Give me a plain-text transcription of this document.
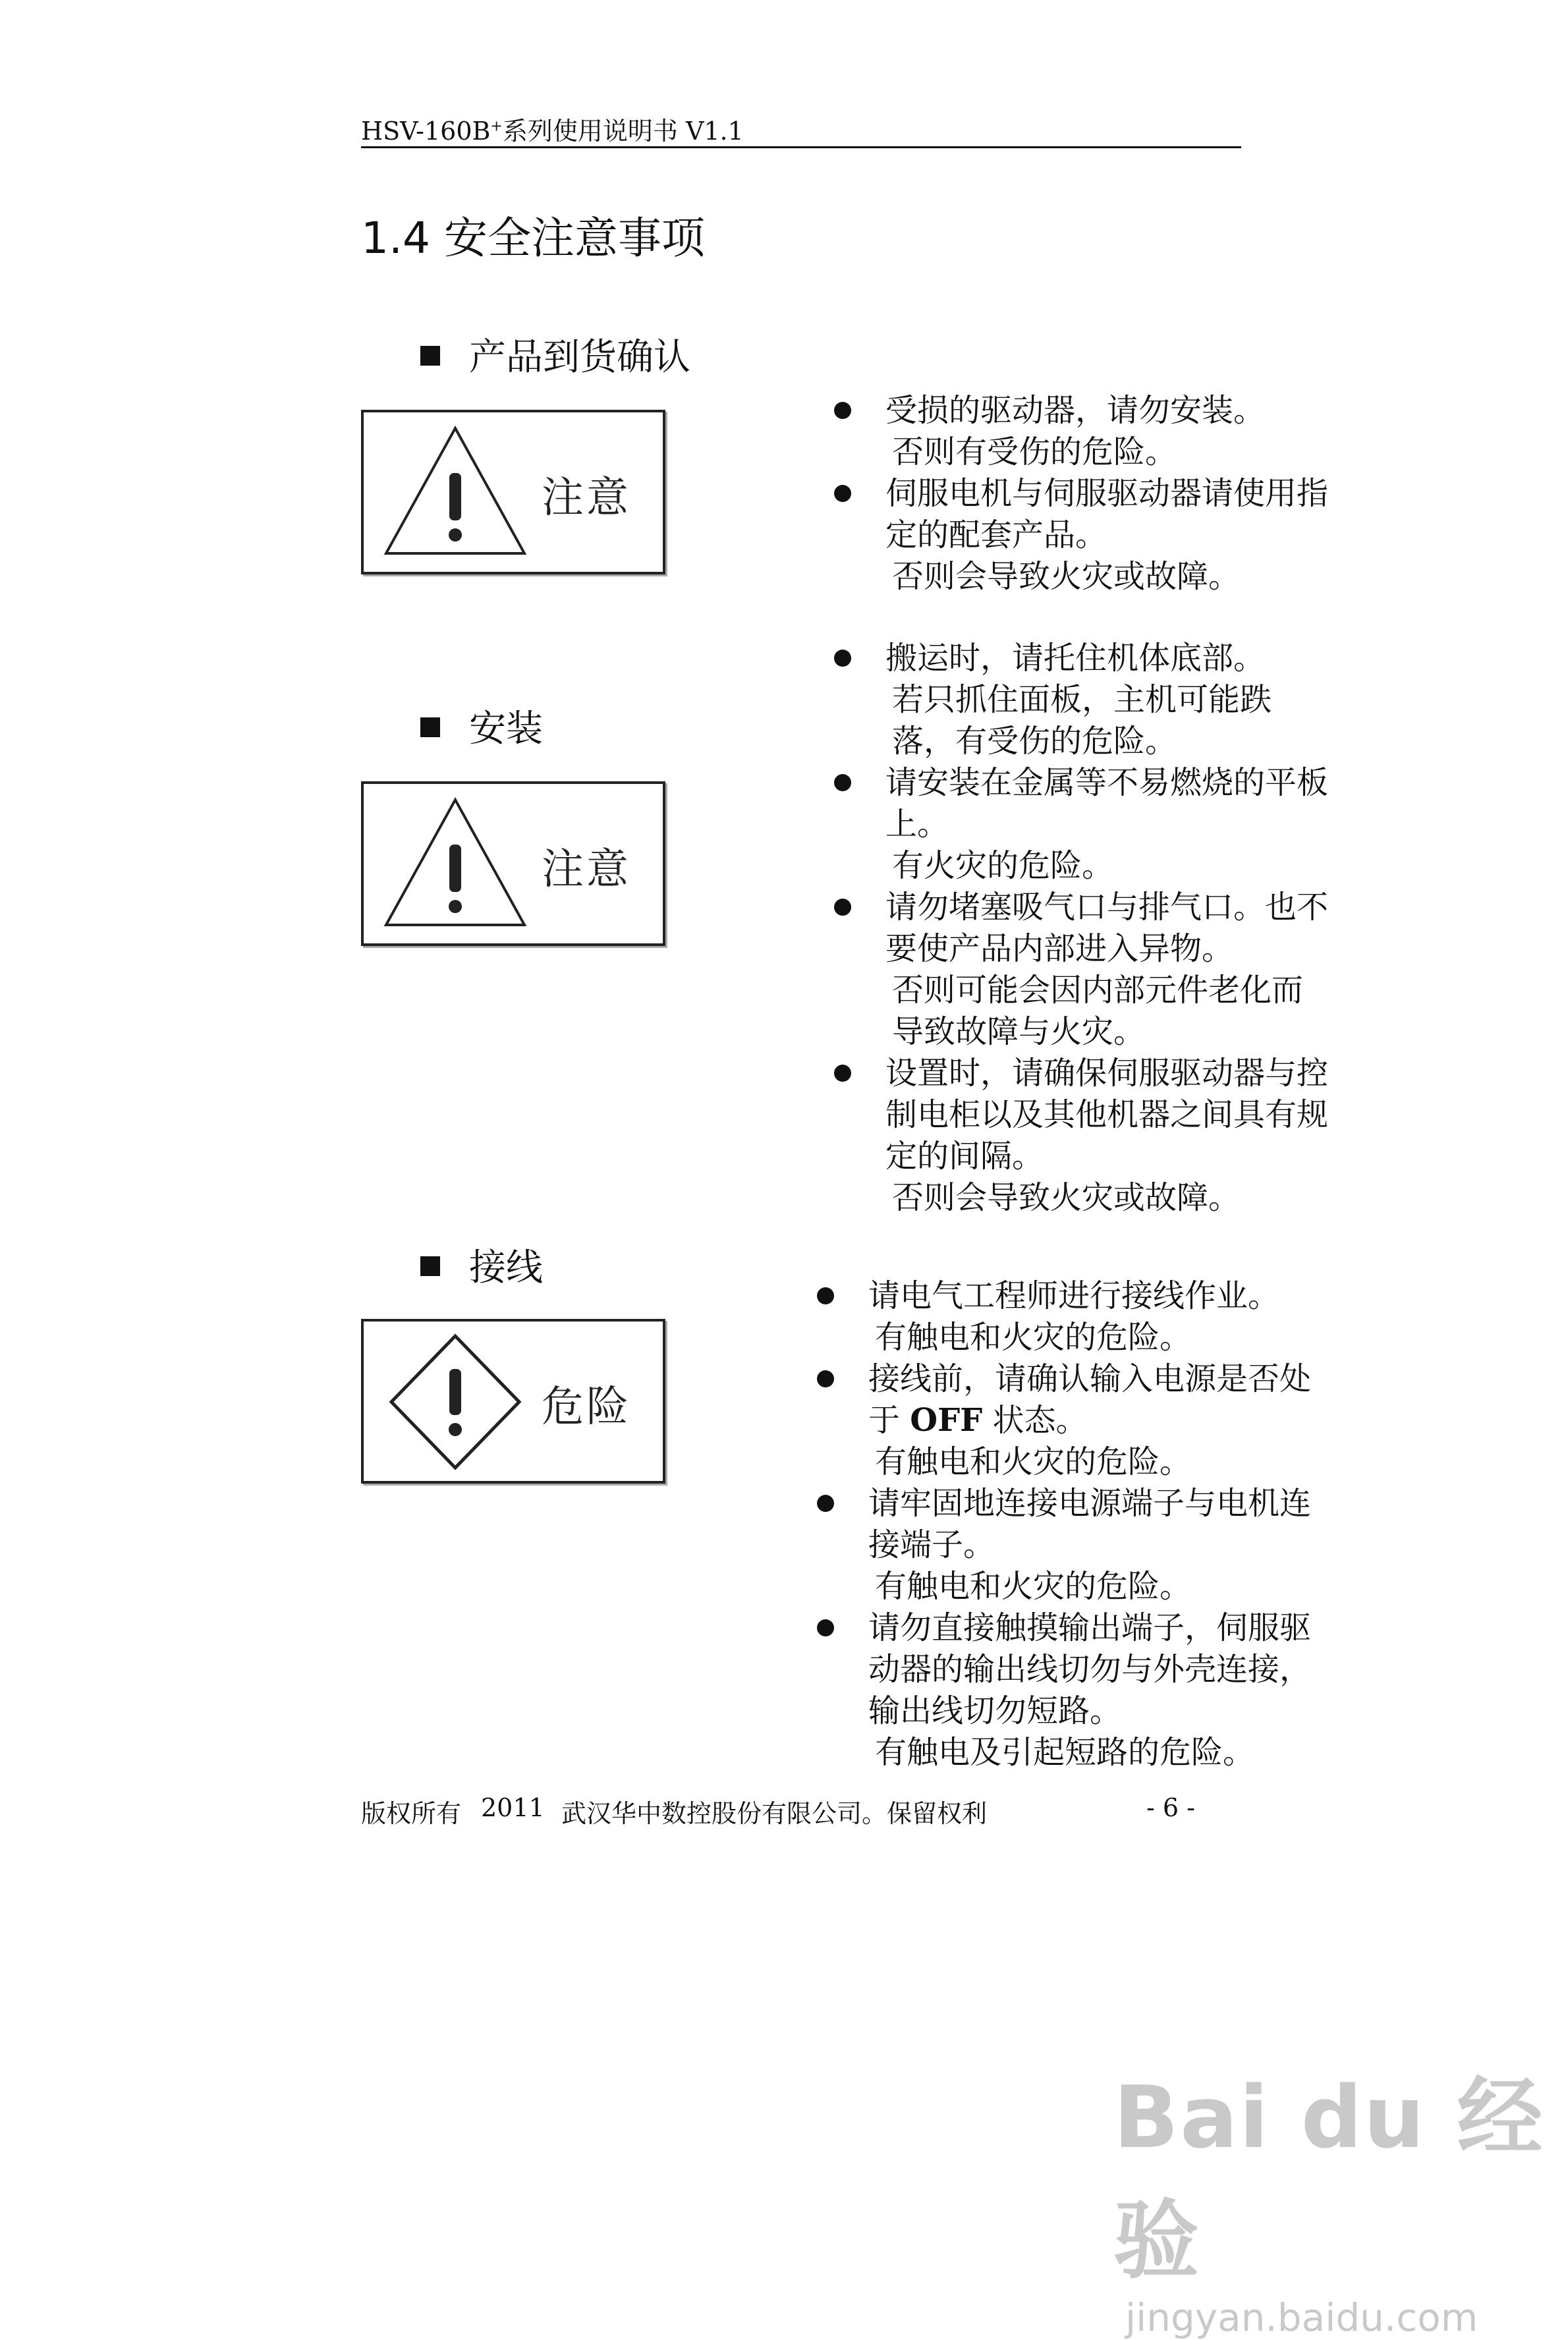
HSV-160B+系列使用说明书 V1.1
1.4 安全注意事项
产品到货确认
注意
受损的驱动器，请勿安装。
否则有受伤的危险。
伺服电机与伺服驱动器请使用指定的配套产品。
否则会导致火灾或故障。
安装
注意
搬运时，请托住机体底部。
若只抓住面板，主机可能跌落，有受伤的危险。
请安装在金属等不易燃烧的平板上。
有火灾的危险。
请勿堵塞吸气口与排气口。也不要使产品内部进入异物。
否则可能会因内部元件老化而导致故障与火灾。
设置时，请确保伺服驱动器与控制电柜以及其他机器之间具有规定的间隔。
否则会导致火灾或故障。
接线
危险
请电气工程师进行接线作业。
有触电和火灾的危险。
接线前，请确认输入电源是否处于 OFF 状态。
有触电和火灾的危险。
请牢固地连接电源端子与电机连接端子。
有触电和火灾的危险。
请勿直接触摸输出端子，伺服驱动器的输出线切勿与外壳连接，输出线切勿短路。
有触电及引起短路的危险。
版权所有 2011 武汉华中数控股份有限公司。保留权利	- 6 -
Bai du 经验
jingyan.baidu.com
